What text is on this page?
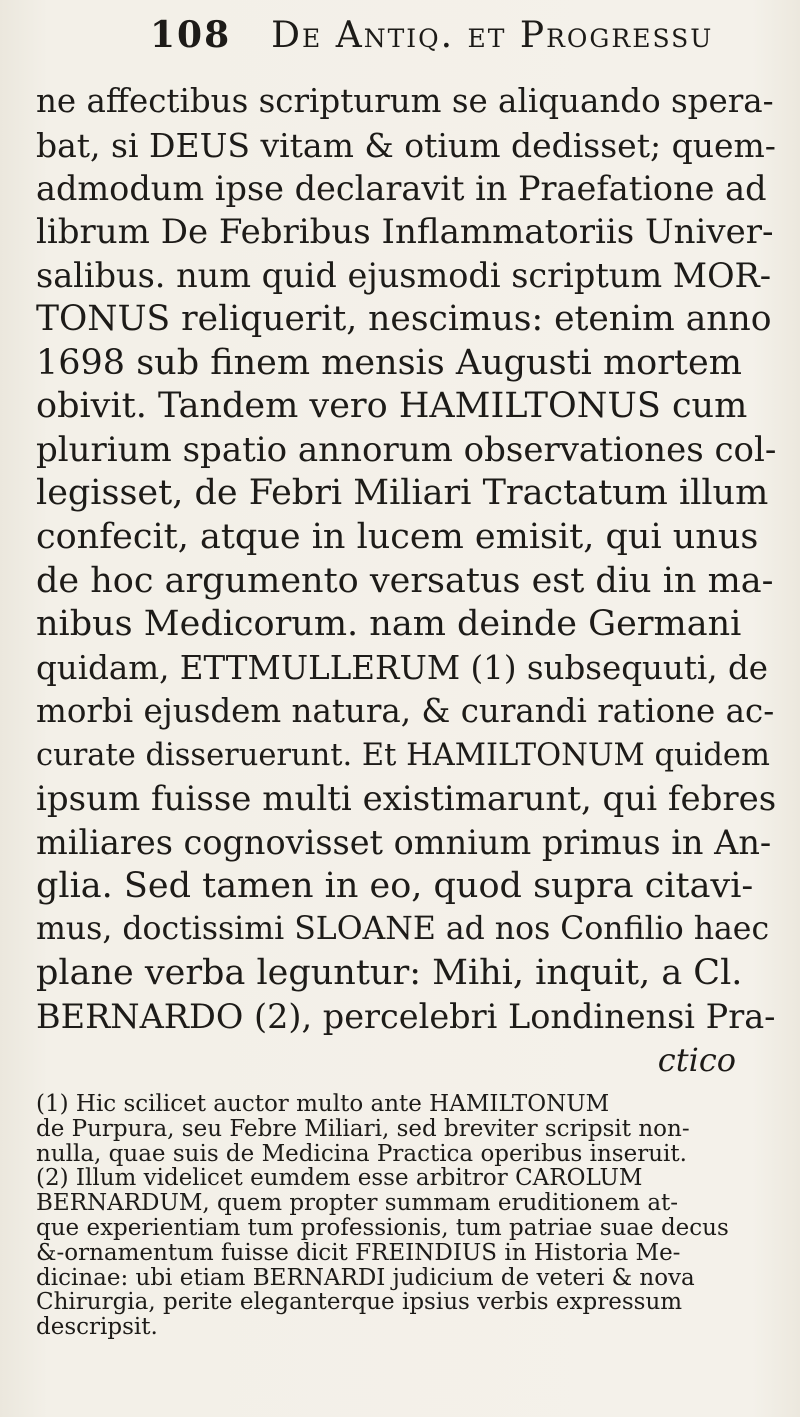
108 De Antiq. et Progressu
ne affectibus scripturum se aliquando spera-
bat, si DEUS vitam & otium dedisset; quem-
admodum ipse declaravit in Praefatione ad
librum De Febribus Inflammatoriis Univer-
salibus. num quid ejusmodi scriptum MOR-
TONUS reliquerit, nescimus: etenim anno
1698 sub finem mensis Augusti mortem
obivit. Tandem vero HAMILTONUS cum
plurium spatio annorum observationes col-
legisset, de Febri Miliari Tractatum illum
confecit, atque in lucem emisit, qui unus
de hoc argumento versatus est diu in ma-
nibus Medicorum. nam deinde Germani
quidam, ETTMULLERUM (1) subsequuti, de
morbi ejusdem natura, & curandi ratione ac-
curate disseruerunt. Et HAMILTONUM quidem
ipsum fuisse multi existimarunt, qui febres
miliares cognovisset omnium primus in An-
glia. Sed tamen in eo, quod supra citavi-
mus, doctissimi SLOANE ad nos Confilio haec
plane verba leguntur: Mihi, inquit, a Cl.
BERNARDO (2), percelebri Londinensi Pra-
ctico
(1) Hic scilicet auctor multo ante HAMILTONUM
de Purpura, seu Febre Miliari, sed breviter scripsit non-
nulla, quae suis de Medicina Practica operibus inseruit.
(2) Illum videlicet eumdem esse arbitror CAROLUM
BERNARDUM, quem propter summam eruditionem at-
que experientiam tum professionis, tum patriae suae decus
&-ornamentum fuisse dicit FREINDIUS in Historia Me-
dicinae: ubi etiam BERNARDI judicium de veteri & nova
Chirurgia, perite eleganterque ipsius verbis expressum
descripsit.
